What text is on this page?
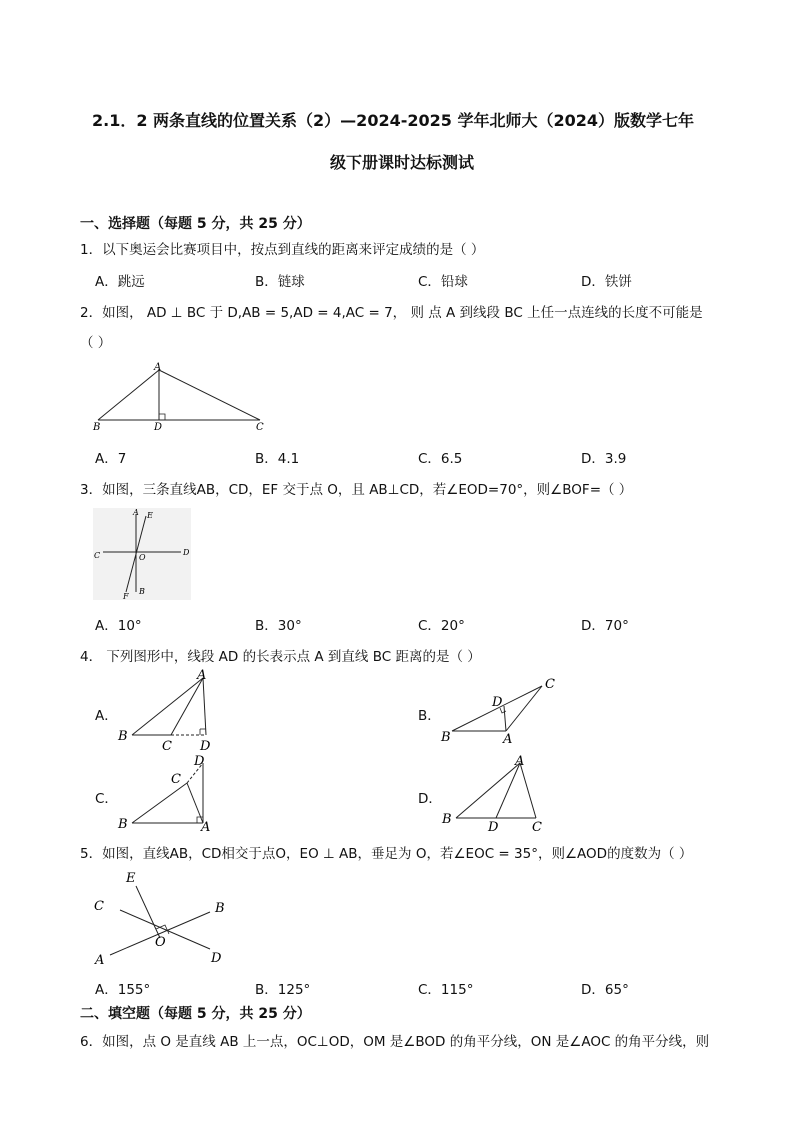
2.1．2 两条直线的位置关系（2）—2024-2025 学年北师大（2024）版数学七年
级下册课时达标测试
一、选择题（每题 5 分，共 25 分）
1．以下奥运会比赛项目中，按点到直线的距离来评定成绩的是（ ）
A．跳远	B．链球	C．铅球	D．铁饼
2．如图， AD ⊥ BC 于 D,AB = 5,AD = 4,AC = 7， 则 点 A 到线段 BC 上任一点连线的长度不可能是
（ ）
A
B	D	C
A．7	B．4.1	C．6.5	D．3.9
3．如图，三条直线AB，CD，EF 交于点 O，且 AB⊥CD，若∠EOD=70°，则∠BOF=（ ）
A E
C	O
D
B
F
A．10°	B．30°	C．20°	D．70°
4． 下列图形中，线段 AD 的长表示点 A 到直线 BC 距离的是（ ）
A．
A
B
C D
B．
C
D
B	A
C．
D
C
B	A
D．
A
B
D	C
5．如图，直线AB，CD相交于点O，EO ⊥ AB，垂足为 O，若∠EOC = 35°，则∠AOD的度数为（ ）
E
C	B
O
A	D
A．155°	B．125°	C．115°	D．65°
二、填空题（每题 5 分，共 25 分）
6．如图，点 O 是直线 AB 上一点，OC⊥OD，OM 是∠BOD 的角平分线，ON 是∠AOC 的角平分线，则
